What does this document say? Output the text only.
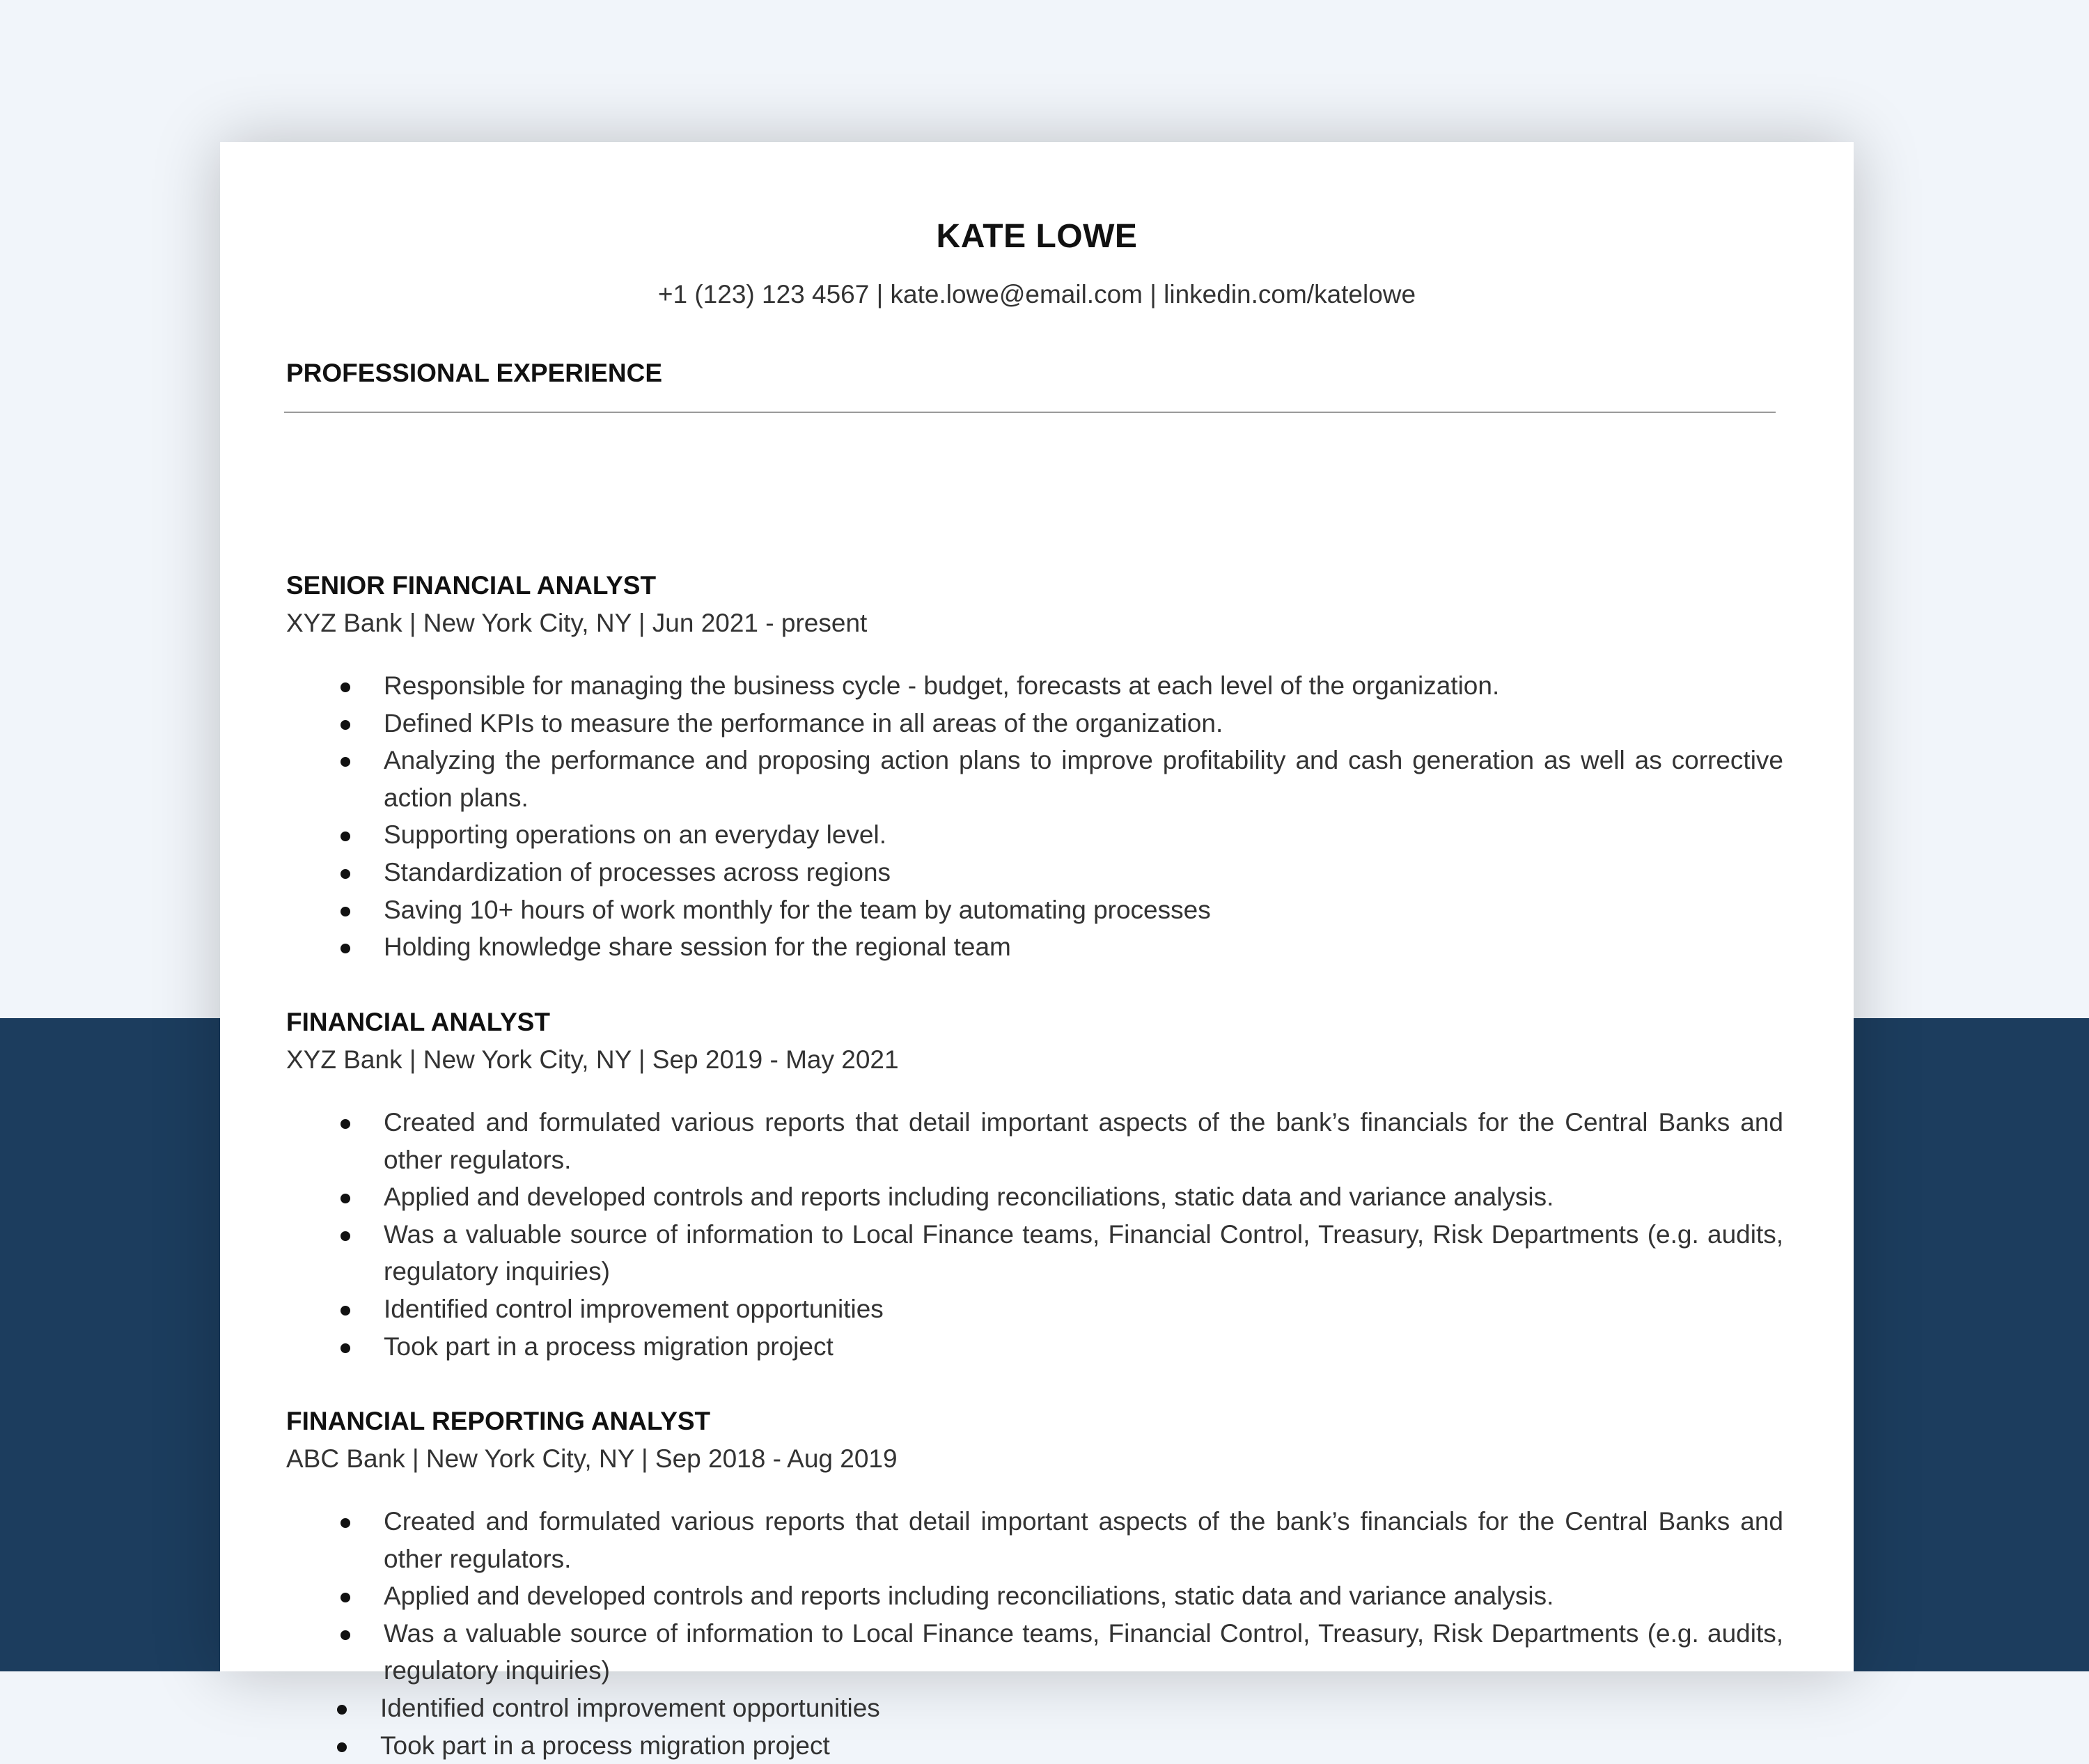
KATE LOWE
+1 (123) 123 4567 | kate.lowe@email.com | linkedin.com/katelowe
PROFESSIONAL EXPERIENCE
SENIOR FINANCIAL ANALYST
XYZ Bank | New York City, NY | Jun 2021 - present
Responsible for managing the business cycle - budget, forecasts at each level of the organization.
Defined KPIs to measure the performance in all areas of the organization.
Analyzing the performance and proposing action plans to improve profitability and cash generation as well as corrective action plans.
Supporting operations on an everyday level.
Standardization of processes across regions
Saving 10+ hours of work monthly for the team by automating processes
Holding knowledge share session for the regional team
FINANCIAL ANALYST
XYZ Bank | New York City, NY | Sep 2019 - May 2021
Created and formulated various reports that detail important aspects of the bank’s financials for the Central Banks and other regulators.
Applied and developed controls and reports including reconciliations, static data and variance analysis.
Was a valuable source of information to Local Finance teams, Financial Control, Treasury, Risk Departments (e.g. audits, regulatory inquiries)
Identified control improvement opportunities
Took part in a process migration project
FINANCIAL REPORTING ANALYST
ABC Bank | New York City, NY | Sep 2018 - Aug 2019
Created and formulated various reports that detail important aspects of the bank’s financials for the Central Banks and other regulators.
Applied and developed controls and reports including reconciliations, static data and variance analysis.
Was a valuable source of information to Local Finance teams, Financial Control, Treasury, Risk Departments (e.g. audits, regulatory inquiries)
Identified control improvement opportunities
Took part in a process migration project
